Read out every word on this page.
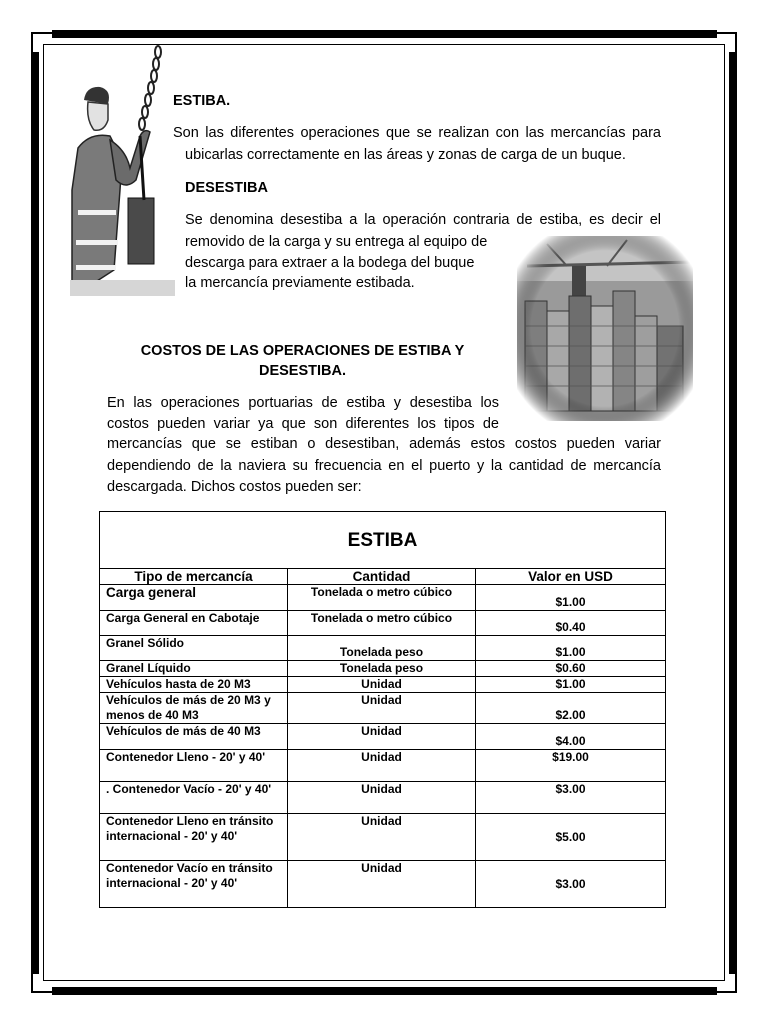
ESTIBA.
Son las diferentes operaciones que se realizan con las mercancías para
ubicarlas correctamente en las áreas y zonas de carga de un buque.
DESESTIBA
Se denomina desestiba a la operación contraria de estiba, es decir el
removido de la carga y su entrega al equipo de
descarga para extraer a la bodega del buque
la mercancía previamente estibada.
COSTOS DE LAS OPERACIONES DE ESTIBA Y
DESESTIBA.
En las operaciones portuarias de estiba y desestiba los
costos pueden variar ya que son diferentes los tipos de
mercancías que se estiban o desestiban, además estos costos pueden variar
dependiendo de la naviera su frecuencia en el puerto y la cantidad de mercancía
descargada. Dichos costos pueden ser:
ESTIBA		
Tipo de mercancía	Cantidad	Valor en USD
Carga general	Tonelada o metro cúbico	$1.00
Carga General en Cabotaje	Tonelada o metro cúbico	$0.40
Granel Sólido	Tonelada peso	$1.00
Granel Líquido	Tonelada peso	$0.60
Vehículos hasta de 20 M3	Unidad	$1.00
Vehículos de más de 20 M3 y menos de 40 M3	Unidad	$2.00
Vehículos de más de 40 M3	Unidad	$4.00
Contenedor Lleno - 20' y 40'	Unidad	$19.00
. Contenedor Vacío - 20' y 40'	Unidad	$3.00
Contenedor Lleno en tránsito internacional - 20' y 40'	Unidad	$5.00
Contenedor Vacío en tránsito internacional - 20' y 40'	Unidad	$3.00
